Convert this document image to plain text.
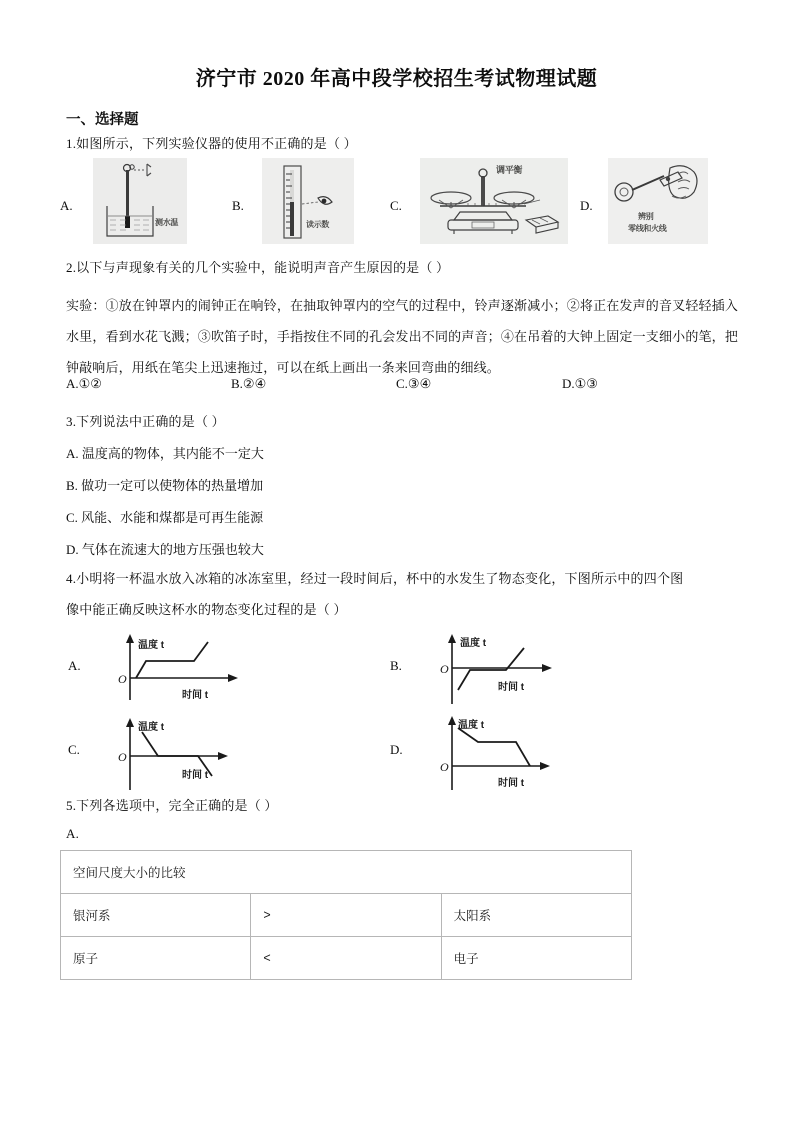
济宁市 2020 年高中段学校招生考试物理试题
一、选择题
1.如图所示，下列实验仪器的使用不正确的是（ ）
A.
测水温
B.
读示数
C.
调平衡
D.
辨别
零线和火线
2.以下与声现象有关的几个实验中，能说明声音产生原因的是（ ）
实验：①放在钟罩内的闹钟正在响铃，在抽取钟罩内的空气的过程中，铃声逐渐减小；②将正在发声的音叉轻轻插入水里，看到水花飞溅；③吹笛子时，手指按住不同的孔会发出不同的声音；④在吊着的大钟上固定一支细小的笔，把钟敲响后，用纸在笔尖上迅速拖过，可以在纸上画出一条来回弯曲的细线。
A.①②	B.②④	C.③④	D.①③
3.下列说法中正确的是（ ）
A. 温度高的物体，其内能不一定大
B. 做功一定可以使物体的热量增加
C. 风能、水能和煤都是可再生能源
D. 气体在流速大的地方压强也较大
4.小明将一杯温水放入冰箱的冰冻室里，经过一段时间后，杯中的水发生了物态变化，下图所示中的四个图
像中能正确反映这杯水的物态变化过程的是（ ）
A.
O
温度 t
时间 t
B.	O
温度 t
时间 t
C.	O
温度 t
时间 t
D.
O
温度 t
时间 t
5.下列各选项中，完全正确的是（ ）
A.
空间尺度大小的比较		
银河系	>	太阳系
原子	<	电子
